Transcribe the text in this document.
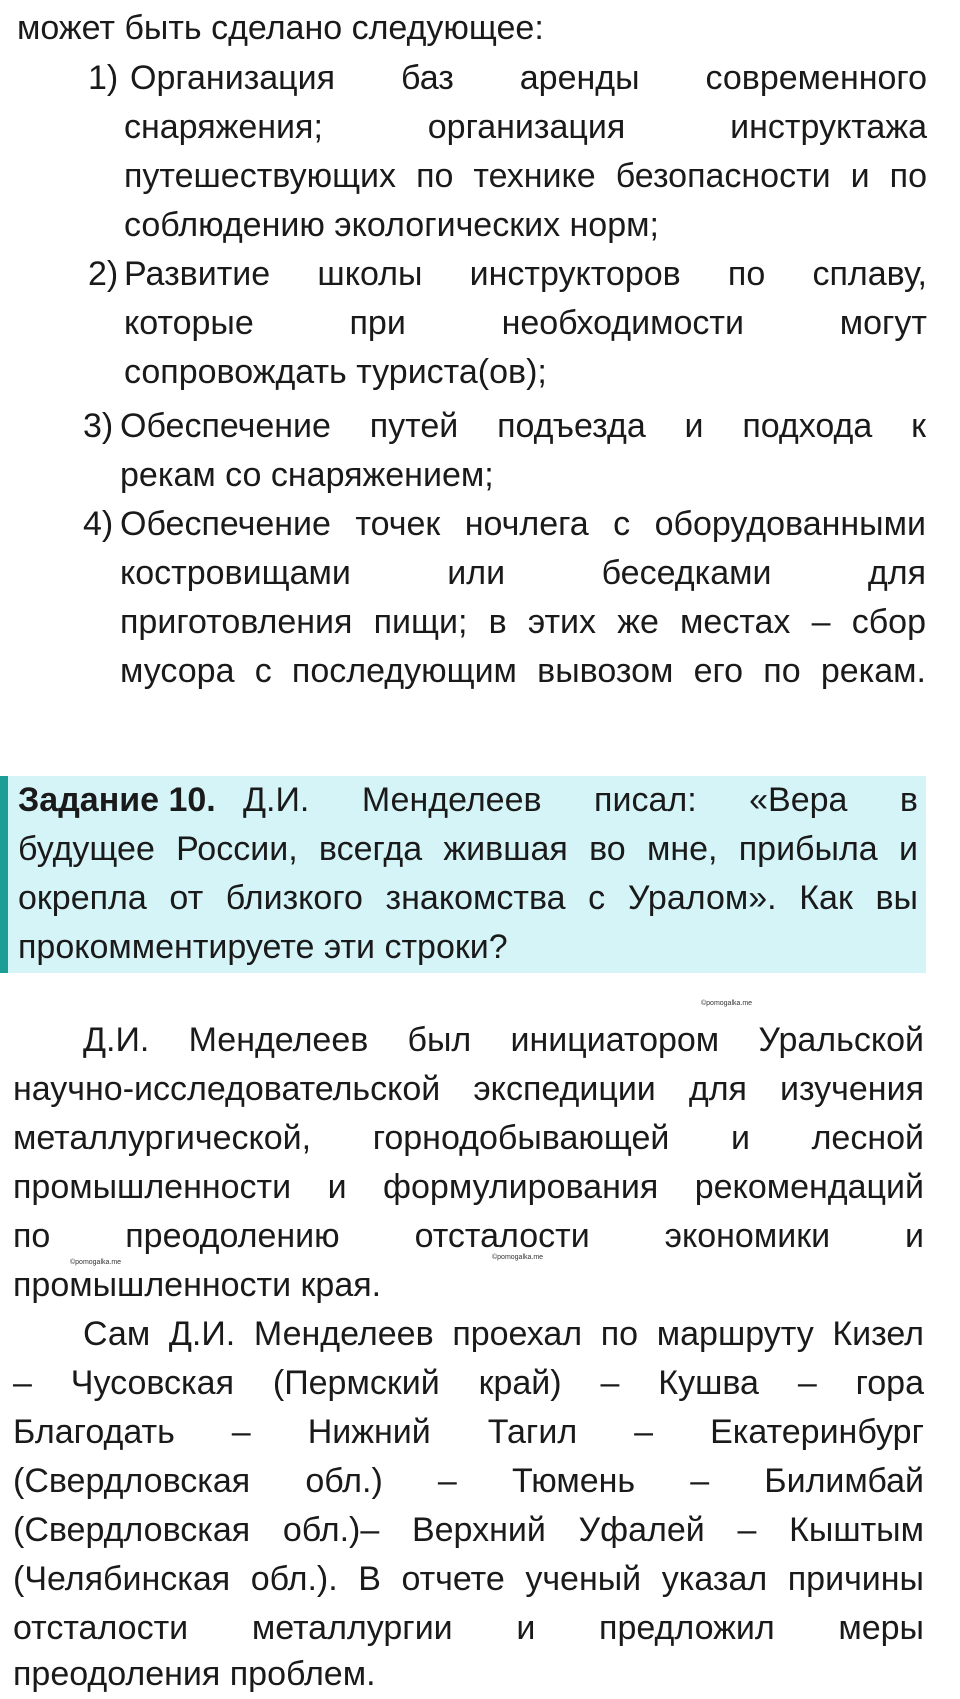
может быть сделано следующее:
1) Организация баз аренды современного
снаряжения; организация инструктажа
путешествующих по технике безопасности и по
соблюдению экологических норм;
2) Развитие школы инструкторов по сплаву,
которые при необходимости могут
сопровождать туриста(ов);
3) Обеспечение путей подъезда и подхода к
рекам со снаряжением;
4) Обеспечение точек ночлега с оборудованными
костровищами или беседками для
приготовления пищи; в этих же местах – сбор
мусора с последующим вывозом его по рекам.
Задание 10. Д.И. Менделеев писал: «Вера в
будущее России, всегда жившая во мне, прибыла и
окрепла от близкого знакомства с Уралом». Как вы
прокомментируете эти строки?
©pomogalka.me
©pomogalka.me
©pomogalka.me
Д.И. Менделеев был инициатором Уральской
научно-исследовательской экспедиции для изучения
металлургической, горнодобывающей и лесной
промышленности и формулирования рекомендаций
по преодолению отсталости экономики и
промышленности края.
Сам Д.И. Менделеев проехал по маршруту Кизел
– Чусовская (Пермский край) – Кушва – гора
Благодать – Нижний Тагил – Екатеринбург
(Свердловская обл.) – Тюмень – Билимбай
(Свердловская обл.)– Верхний Уфалей – Кыштым
(Челябинская обл.). В отчете ученый указал причины
отсталости металлургии и предложил меры
преодоления проблем.
